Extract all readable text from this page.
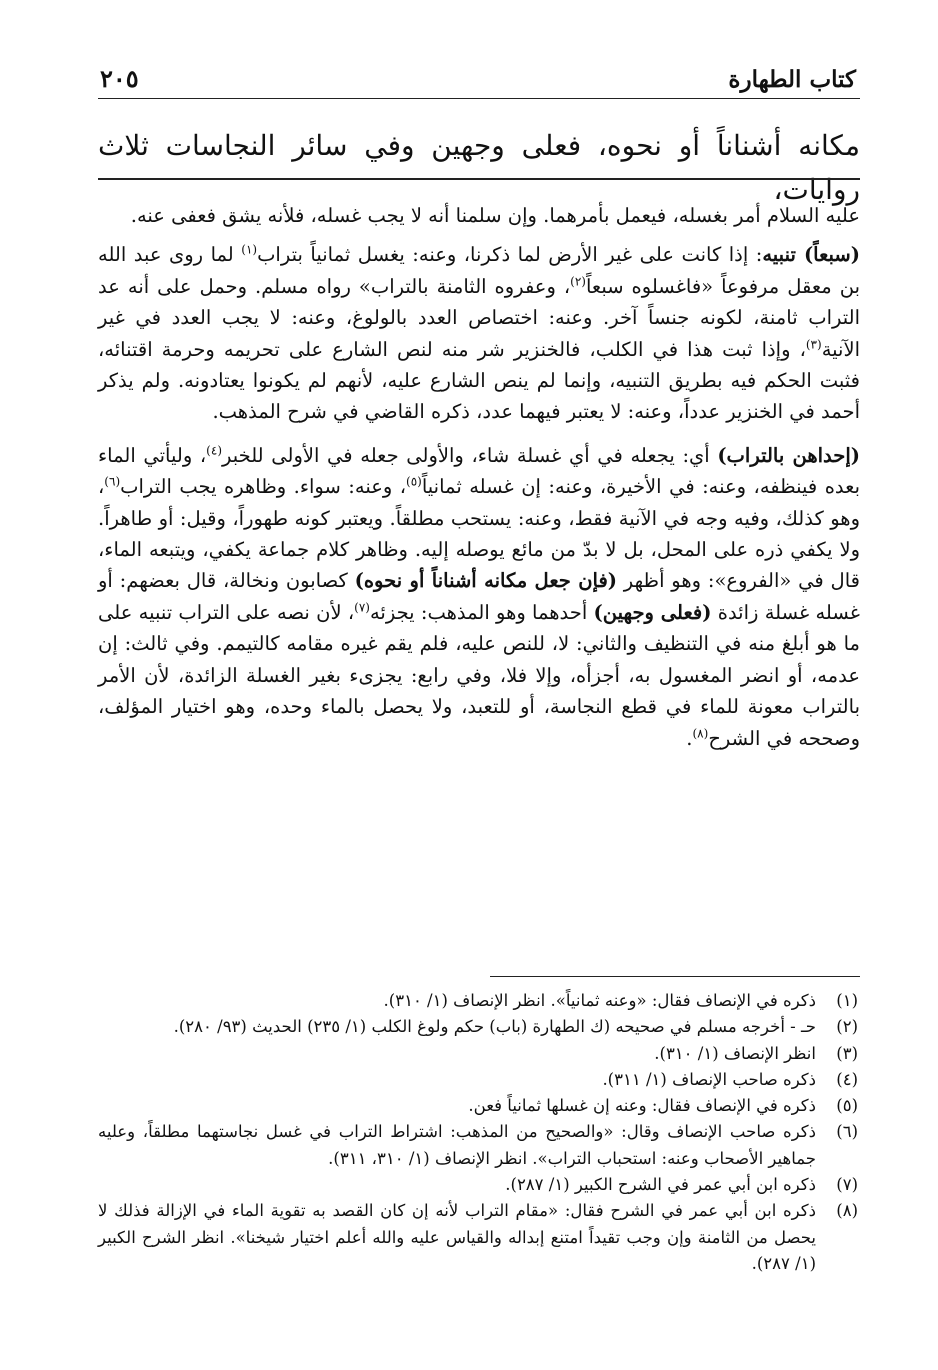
كتاب الطهارة
٢٠٥
مكانه أشناناً أو نحوه، فعلى وجهين وفي سائر النجاسات ثلاث روايات،

عليه السلام أمر بغسله، فيعمل بأمرهما. وإن سلمنا أنه لا يجب غسله، فلأنه يشق فعفى عنه.

(سبعاً) تنبيه: إذا كانت على غير الأرض لما ذكرنا، وعنه: يغسل ثمانياً بتراب$^{(١)}$ لما روى عبد الله بن معقل مرفوعاً «فاغسلوه سبعاً$^{(٢)}$، وعفروه الثامنة بالتراب» رواه مسلم. وحمل على أنه عد التراب ثامنة، لكونه جنساً آخر. وعنه: اختصاص العدد بالولوغ، وعنه: لا يجب العدد في غير الآنية$^{(٣)}$، وإذا ثبت هذا في الكلب، فالخنزير شر منه لنص الشارع على تحريمه وحرمة اقتنائه، فثبت الحكم فيه بطريق التنبيه، وإنما لم ينص الشارع عليه، لأنهم لم يكونوا يعتادونه. ولم يذكر أحمد في الخنزير عدداً، وعنه: لا يعتبر فيهما عدد، ذكره القاضي في شرح المذهب.

(إحداهن بالتراب) أي: يجعله في أي غسلة شاء، والأولى جعله في الأولى للخبر$^{(٤)}$، وليأتي الماء بعده فينظفه، وعنه: في الأخيرة، وعنه: إن غسله ثمانياً$^{(٥)}$، وعنه: سواء. وظاهره يجب التراب$^{(٦)}$، وهو كذلك، وفيه وجه في الآنية فقط، وعنه: يستحب مطلقاً. ويعتبر كونه طهوراً، وقيل: أو طاهراً. ولا يكفي ذره على المحل، بل لا بدّ من مائع يوصله إليه. وظاهر كلام جماعة يكفي، ويتبعه الماء، قال في «الفروع»: وهو أظهر (فإن جعل مكانه أشناناً أو نحوه) كصابون ونخالة، قال بعضهم: أو غسله غسلة زائدة (فعلى وجهين) أحدهما وهو المذهب: يجزئه$^{(٧)}$، لأن نصه على التراب تنبيه على ما هو أبلغ منه في التنظيف والثاني: لا، للنص عليه، فلم يقم غيره مقامه كالتيمم. وفي ثالث: إن عدمه، أو انضر المغسول به، أجزأه، وإلا فلا، وفي رابع: يجزىء بغير الغسلة الزائدة، لأن الأمر بالتراب معونة للماء في قطع النجاسة، أو للتعبد، ولا يحصل بالماء وحده، وهو اختيار المؤلف، وصححه في الشرح$^{(٨)}$.

(١)
ذكره في الإنصاف فقال: «وعنه ثمانياً». انظر الإنصاف (١/ ٣١٠).
(٢)
حـ - أخرجه مسلم في صحيحه (ك الطهارة (باب) حكم ولوغ الكلب (١/ ٢٣٥) الحديث (٩٣/ ٢٨٠).
(٣)
انظر الإنصاف (١/ ٣١٠).
(٤)
ذكره صاحب الإنصاف (١/ ٣١١).
(٥)
ذكره في الإنصاف فقال: وعنه إن غسلها ثمانياً فعن.
(٦)
ذكره صاحب الإنصاف وقال: «والصحيح من المذهب: اشتراط التراب في غسل نجاستهما مطلقاً، وعليه جماهير الأصحاب وعنه: استحباب التراب». انظر الإنصاف (١/ ٣١٠، ٣١١).
(٧)
ذكره ابن أبي عمر في الشرح الكبير (١/ ٢٨٧).
(٨)
ذكره ابن أبي عمر في الشرح فقال: «مقام التراب لأنه إن كان القصد به تقوية الماء في الإزالة فذلك لا يحصل من الثامنة وإن وجب تقيداً امتنع إبداله والقياس عليه والله أعلم اختيار شيخنا». انظر الشرح الكبير (١/ ٢٨٧).
